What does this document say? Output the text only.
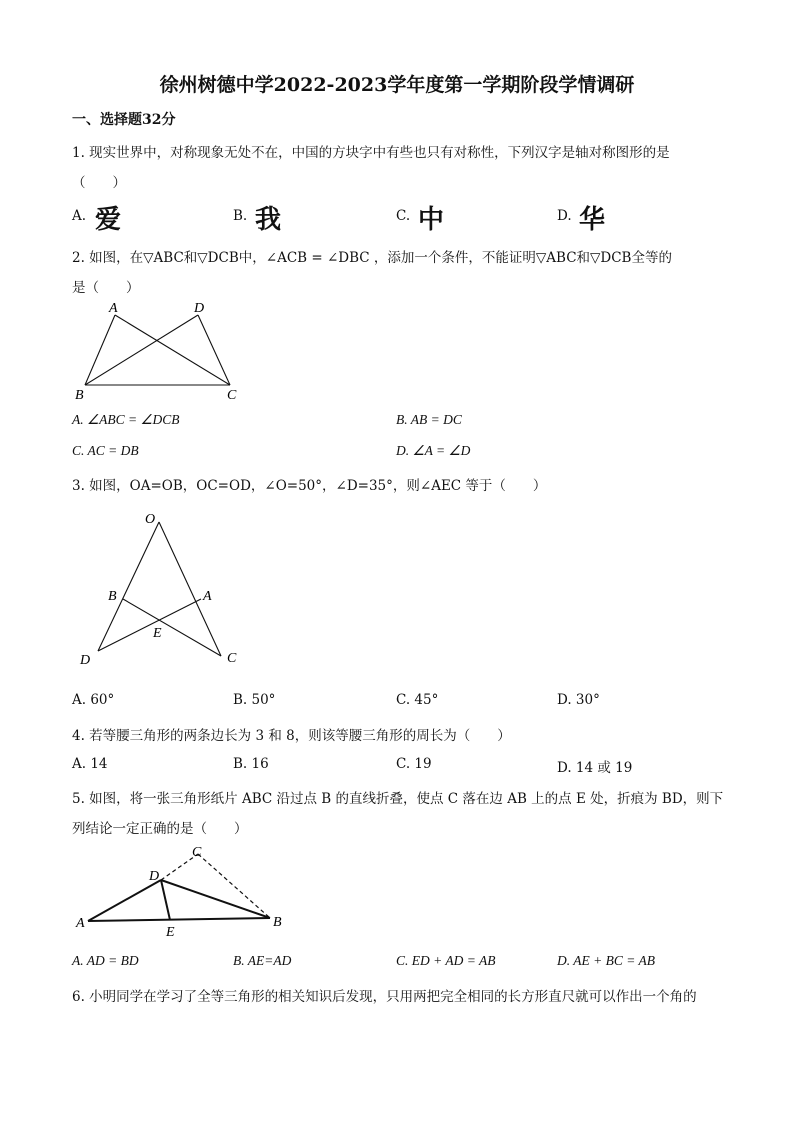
徐州树德中学2022-2023学年度第一学期阶段学情调研
一、选择题32分
1. 现实世界中，对称现象无处不在，中国的方块字中有些也只有对称性，下列汉字是轴对称图形的是
（　　）
A. 爱	B. 我	C. 中	D. 华
2. 如图，在▽ABC和▽DCB中，∠ACB = ∠DBC ，添加一个条件，不能证明▽ABC和▽DCB全等的
是（　　）
A	D
B	C
A. ∠ABC = ∠DCB	B. AB = DC
C. AC = DB	D. ∠A = ∠D
3. 如图，OA=OB，OC=OD，∠O=50°，∠D=35°，则∠AEC 等于（　　）
O
B	A
E
D	C
A. 60°	B. 50°	C. 45°	D. 30°
4. 若等腰三角形的两条边长为 3 和 8，则该等腰三角形的周长为（　　）
A. 14	B. 16	C. 19	D. 14 或 19
5. 如图，将一张三角形纸片 ABC 沿过点 B 的直线折叠，使点 C 落在边 AB 上的点 E 处，折痕为 BD，则下
列结论一定正确的是（　　）
C
D
A
E
B
A. AD = BD	B. AE=AD	C. ED + AD = AB	D. AE + BC = AB
6. 小明同学在学习了全等三角形的相关知识后发现，只用两把完全相同的长方形直尺就可以作出一个角的
